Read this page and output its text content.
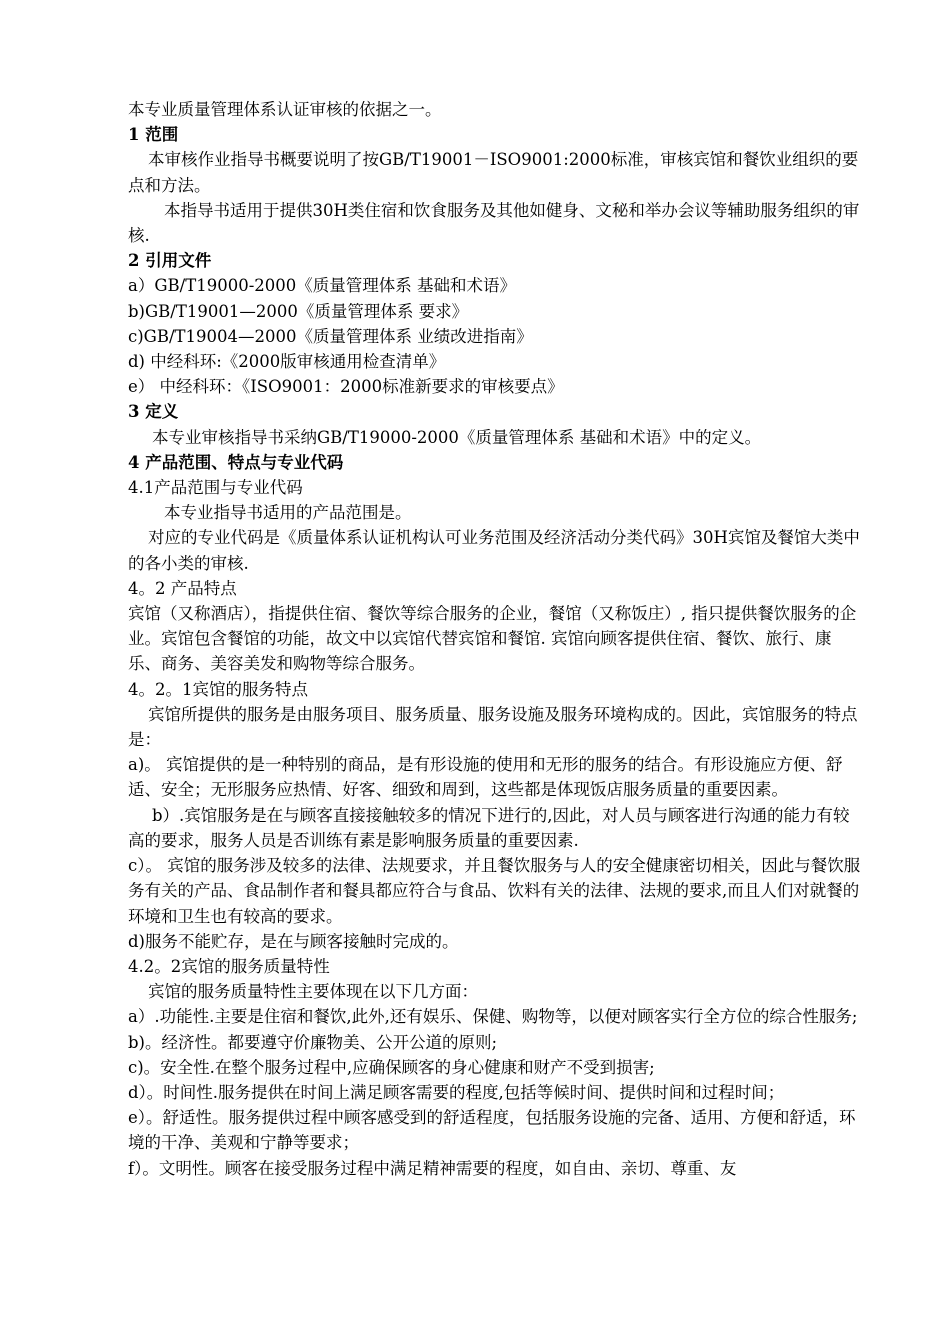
本专业质量管理体系认证审核的依据之一。

1 范围

本审核作业指导书概要说明了按GB/T19001－ISO9001:2000标准，审核宾馆和餐饮业组织的要点和方法。

本指导书适用于提供30H类住宿和饮食服务及其他如健身、文秘和举办会议等辅助服务组织的审核.

2 引用文件

a）GB/T19000-2000《质量管理体系 基础和术语》

b)GB/T19001—2000《质量管理体系 要求》

c)GB/T19004—2000《质量管理体系 业绩改进指南》

d) 中经科环:《2000版审核通用检查清单》

e） 中经科环：《ISO9001：2000标准新要求的审核要点》

3 定义

本专业审核指导书采纳GB/T19000-2000《质量管理体系 基础和术语》中的定义。

4 产品范围、特点与专业代码

4.1产品范围与专业代码

本专业指导书适用的产品范围是。

对应的专业代码是《质量体系认证机构认可业务范围及经济活动分类代码》30H宾馆及餐馆大类中的各小类的审核.

4。2 产品特点

宾馆（又称酒店），指提供住宿、餐饮等综合服务的企业，餐馆（又称饭庄）, 指只提供餐饮服务的企业。宾馆包含餐馆的功能，故文中以宾馆代替宾馆和餐馆. 宾馆向顾客提供住宿、餐饮、旅行、康乐、商务、美容美发和购物等综合服务。

4。2。1宾馆的服务特点

宾馆所提供的服务是由服务项目、服务质量、服务设施及服务环境构成的。因此，宾馆服务的特点是：

a)。 宾馆提供的是一种特别的商品，是有形设施的使用和无形的服务的结合。有形设施应方便、舒适、安全；无形服务应热情、好客、细致和周到，这些都是体现饭店服务质量的重要因素。

b）.宾馆服务是在与顾客直接接触较多的情况下进行的,因此，对人员与顾客进行沟通的能力有较高的要求，服务人员是否训练有素是影响服务质量的重要因素.

c）。 宾馆的服务涉及较多的法律、法规要求，并且餐饮服务与人的安全健康密切相关，因此与餐饮服务有关的产品、食品制作者和餐具都应符合与食品、饮料有关的法律、法规的要求,而且人们对就餐的环境和卫生也有较高的要求。

d)服务不能贮存，是在与顾客接触时完成的。

4.2。2宾馆的服务质量特性

宾馆的服务质量特性主要体现在以下几方面：

a）.功能性.主要是住宿和餐饮,此外,还有娱乐、保健、购物等，以便对顾客实行全方位的综合性服务;

b)。经济性。都要遵守价廉物美、公开公道的原则;

c)。安全性.在整个服务过程中,应确保顾客的身心健康和财产不受到损害;

d）。时间性.服务提供在时间上满足顾客需要的程度,包括等候时间、提供时间和过程时间；

e）。舒适性。服务提供过程中顾客感受到的舒适程度，包括服务设施的完备、适用、方便和舒适，环境的干净、美观和宁静等要求；

f）。文明性。顾客在接受服务过程中满足精神需要的程度，如自由、亲切、尊重、友
